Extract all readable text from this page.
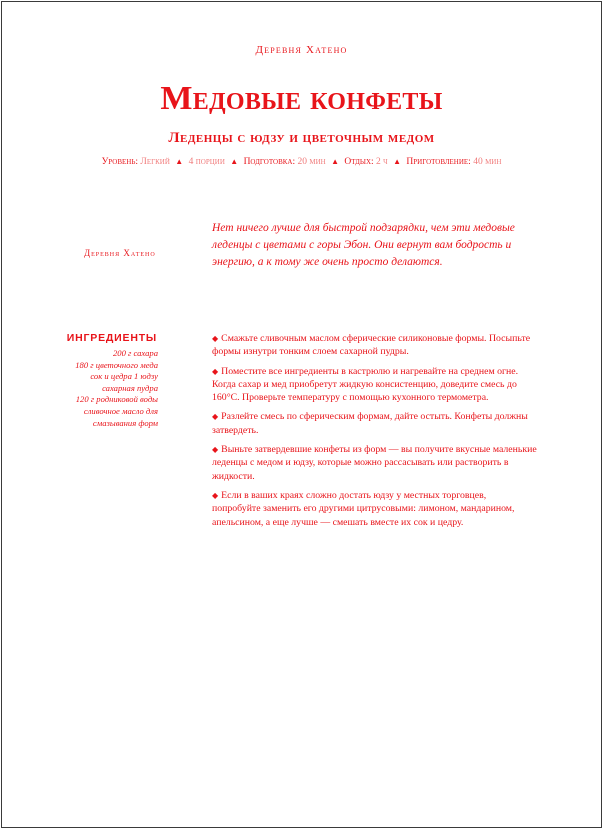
Деревня Хатено
Медовые конфеты
Леденцы с юдзу и цветочным медом
Уровень: Легкий ▲ 4 порции ▲ Подготовка: 20 мин ▲ Отдых: 2 ч ▲ Приготовление: 40 мин
Деревня Хатено
Нет ничего лучше для быстрой подзарядки, чем эти медовые леденцы с цветами с горы Эбон. Они вернут вам бодрость и энергию, а к тому же очень просто делаются.
ИНГРЕДИЕНТЫ
200 г сахара
180 г цветочного меда
сок и цедра 1 юдзу
сахарная пудра
120 г родниковой воды
сливочное масло для
смазывания форм

◆ Смажьте сливочным маслом сферические силиконовые формы. Посыпьте формы изнутри тонким слоем сахарной пудры.

◆ Поместите все ингредиенты в кастрюлю и нагревайте на среднем огне. Когда сахар и мед приобретут жидкую консистенцию, доведите смесь до 160°C. Проверьте температуру с помощью кухонного термометра.

◆ Разлейте смесь по сферическим формам, дайте остыть. Конфеты должны затвердеть.

◆ Выньте затвердевшие конфеты из форм — вы получите вкусные маленькие леденцы с медом и юдзу, которые можно рассасывать или растворить в жидкости.

◆ Если в ваших краях сложно достать юдзу у местных торговцев, попробуйте заменить его другими цитрусовыми: лимоном, мандарином, апельсином, а еще лучше — смешать вместе их сок и цедру.
